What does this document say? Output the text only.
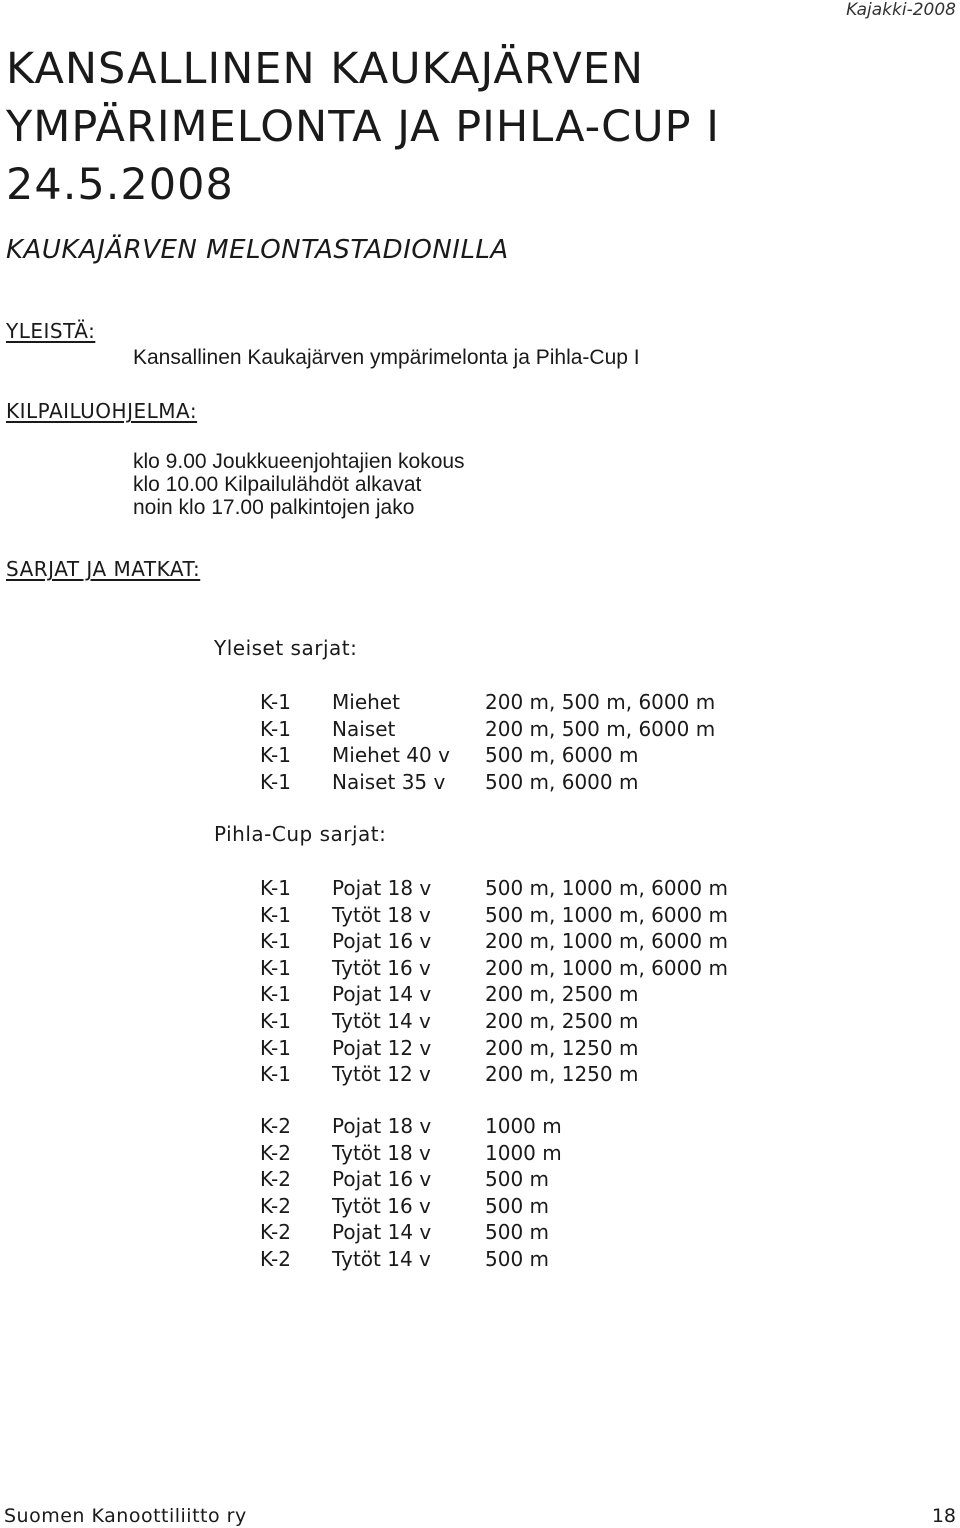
Kajakki-2008
KANSALLINEN KAUKAJÄRVEN
YMPÄRIMELONTA JA PIHLA-CUP I
24.5.2008
KAUKAJÄRVEN MELONTASTADIONILLA
YLEISTÄ:
Kansallinen Kaukajärven ympärimelonta ja Pihla-Cup I
KILPAILUOHJELMA:
klo 9.00 Joukkueenjohtajien kokous
klo 10.00 Kilpailulähdöt alkavat
noin klo 17.00 palkintojen jako
SARJAT JA MATKAT:
Yleiset sarjat:
K-1	Miehet	200 m, 500 m, 6000 m
K-1	Naiset	200 m, 500 m, 6000 m
K-1	Miehet 40 v	500 m, 6000 m
K-1	Naiset 35 v	500 m, 6000 m
Pihla-Cup sarjat:
K-1	Pojat 18 v	500 m, 1000 m, 6000 m
K-1	Tytöt 18 v	500 m, 1000 m, 6000 m
K-1	Pojat 16 v	200 m, 1000 m, 6000 m
K-1	Tytöt 16 v	200 m, 1000 m, 6000 m
K-1	Pojat 14 v	200 m, 2500 m
K-1	Tytöt 14 v	200 m, 2500 m
K-1	Pojat 12 v	200 m, 1250 m
K-1	Tytöt 12 v	200 m, 1250 m
K-2	Pojat 18 v	1000 m
K-2	Tytöt 18 v	1000 m
K-2	Pojat 16 v	500 m
K-2	Tytöt 16 v	500 m
K-2	Pojat 14 v	500 m
K-2	Tytöt 14 v	500 m
Suomen Kanoottiliitto ry	18
